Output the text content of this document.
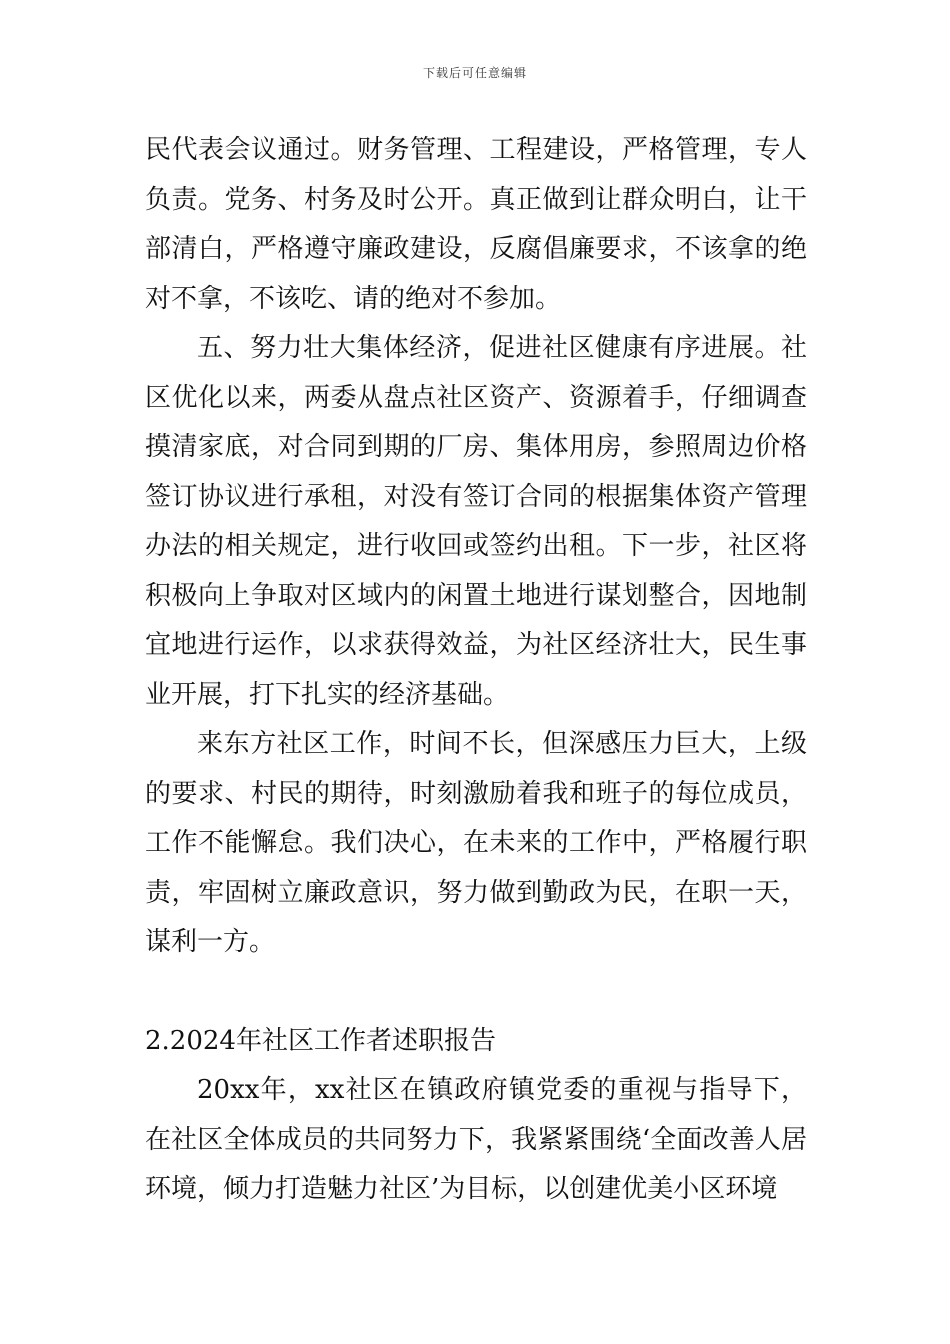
下载后可任意编辑

民代表会议通过。财务管理、工程建设，严格管理，专人负责。党务、村务及时公开。真正做到让群众明白，让干部清白，严格遵守廉政建设，反腐倡廉要求，不该拿的绝对不拿，不该吃、请的绝对不参加。

五、努力壮大集体经济，促进社区健康有序进展。社区优化以来，两委从盘点社区资产、资源着手，仔细调查摸清家底，对合同到期的厂房、集体用房，参照周边价格签订协议进行承租，对没有签订合同的根据集体资产管理办法的相关规定，进行收回或签约出租。下一步，社区将积极向上争取对区域内的闲置土地进行谋划整合，因地制宜地进行运作，以求获得效益，为社区经济壮大，民生事业开展，打下扎实的经济基础。

来东方社区工作，时间不长，但深感压力巨大，上级的要求、村民的期待，时刻激励着我和班子的每位成员，工作不能懈怠。我们决心，在未来的工作中，严格履行职责，牢固树立廉政意识，努力做到勤政为民，在职一天，谋利一方。

2.2024年社区工作者述职报告

20xx年，xx社区在镇政府镇党委的重视与指导下，在社区全体成员的共同努力下，我紧紧围绕‘全面改善人居环境，倾力打造魅力社区’为目标，以创建优美小区环境
